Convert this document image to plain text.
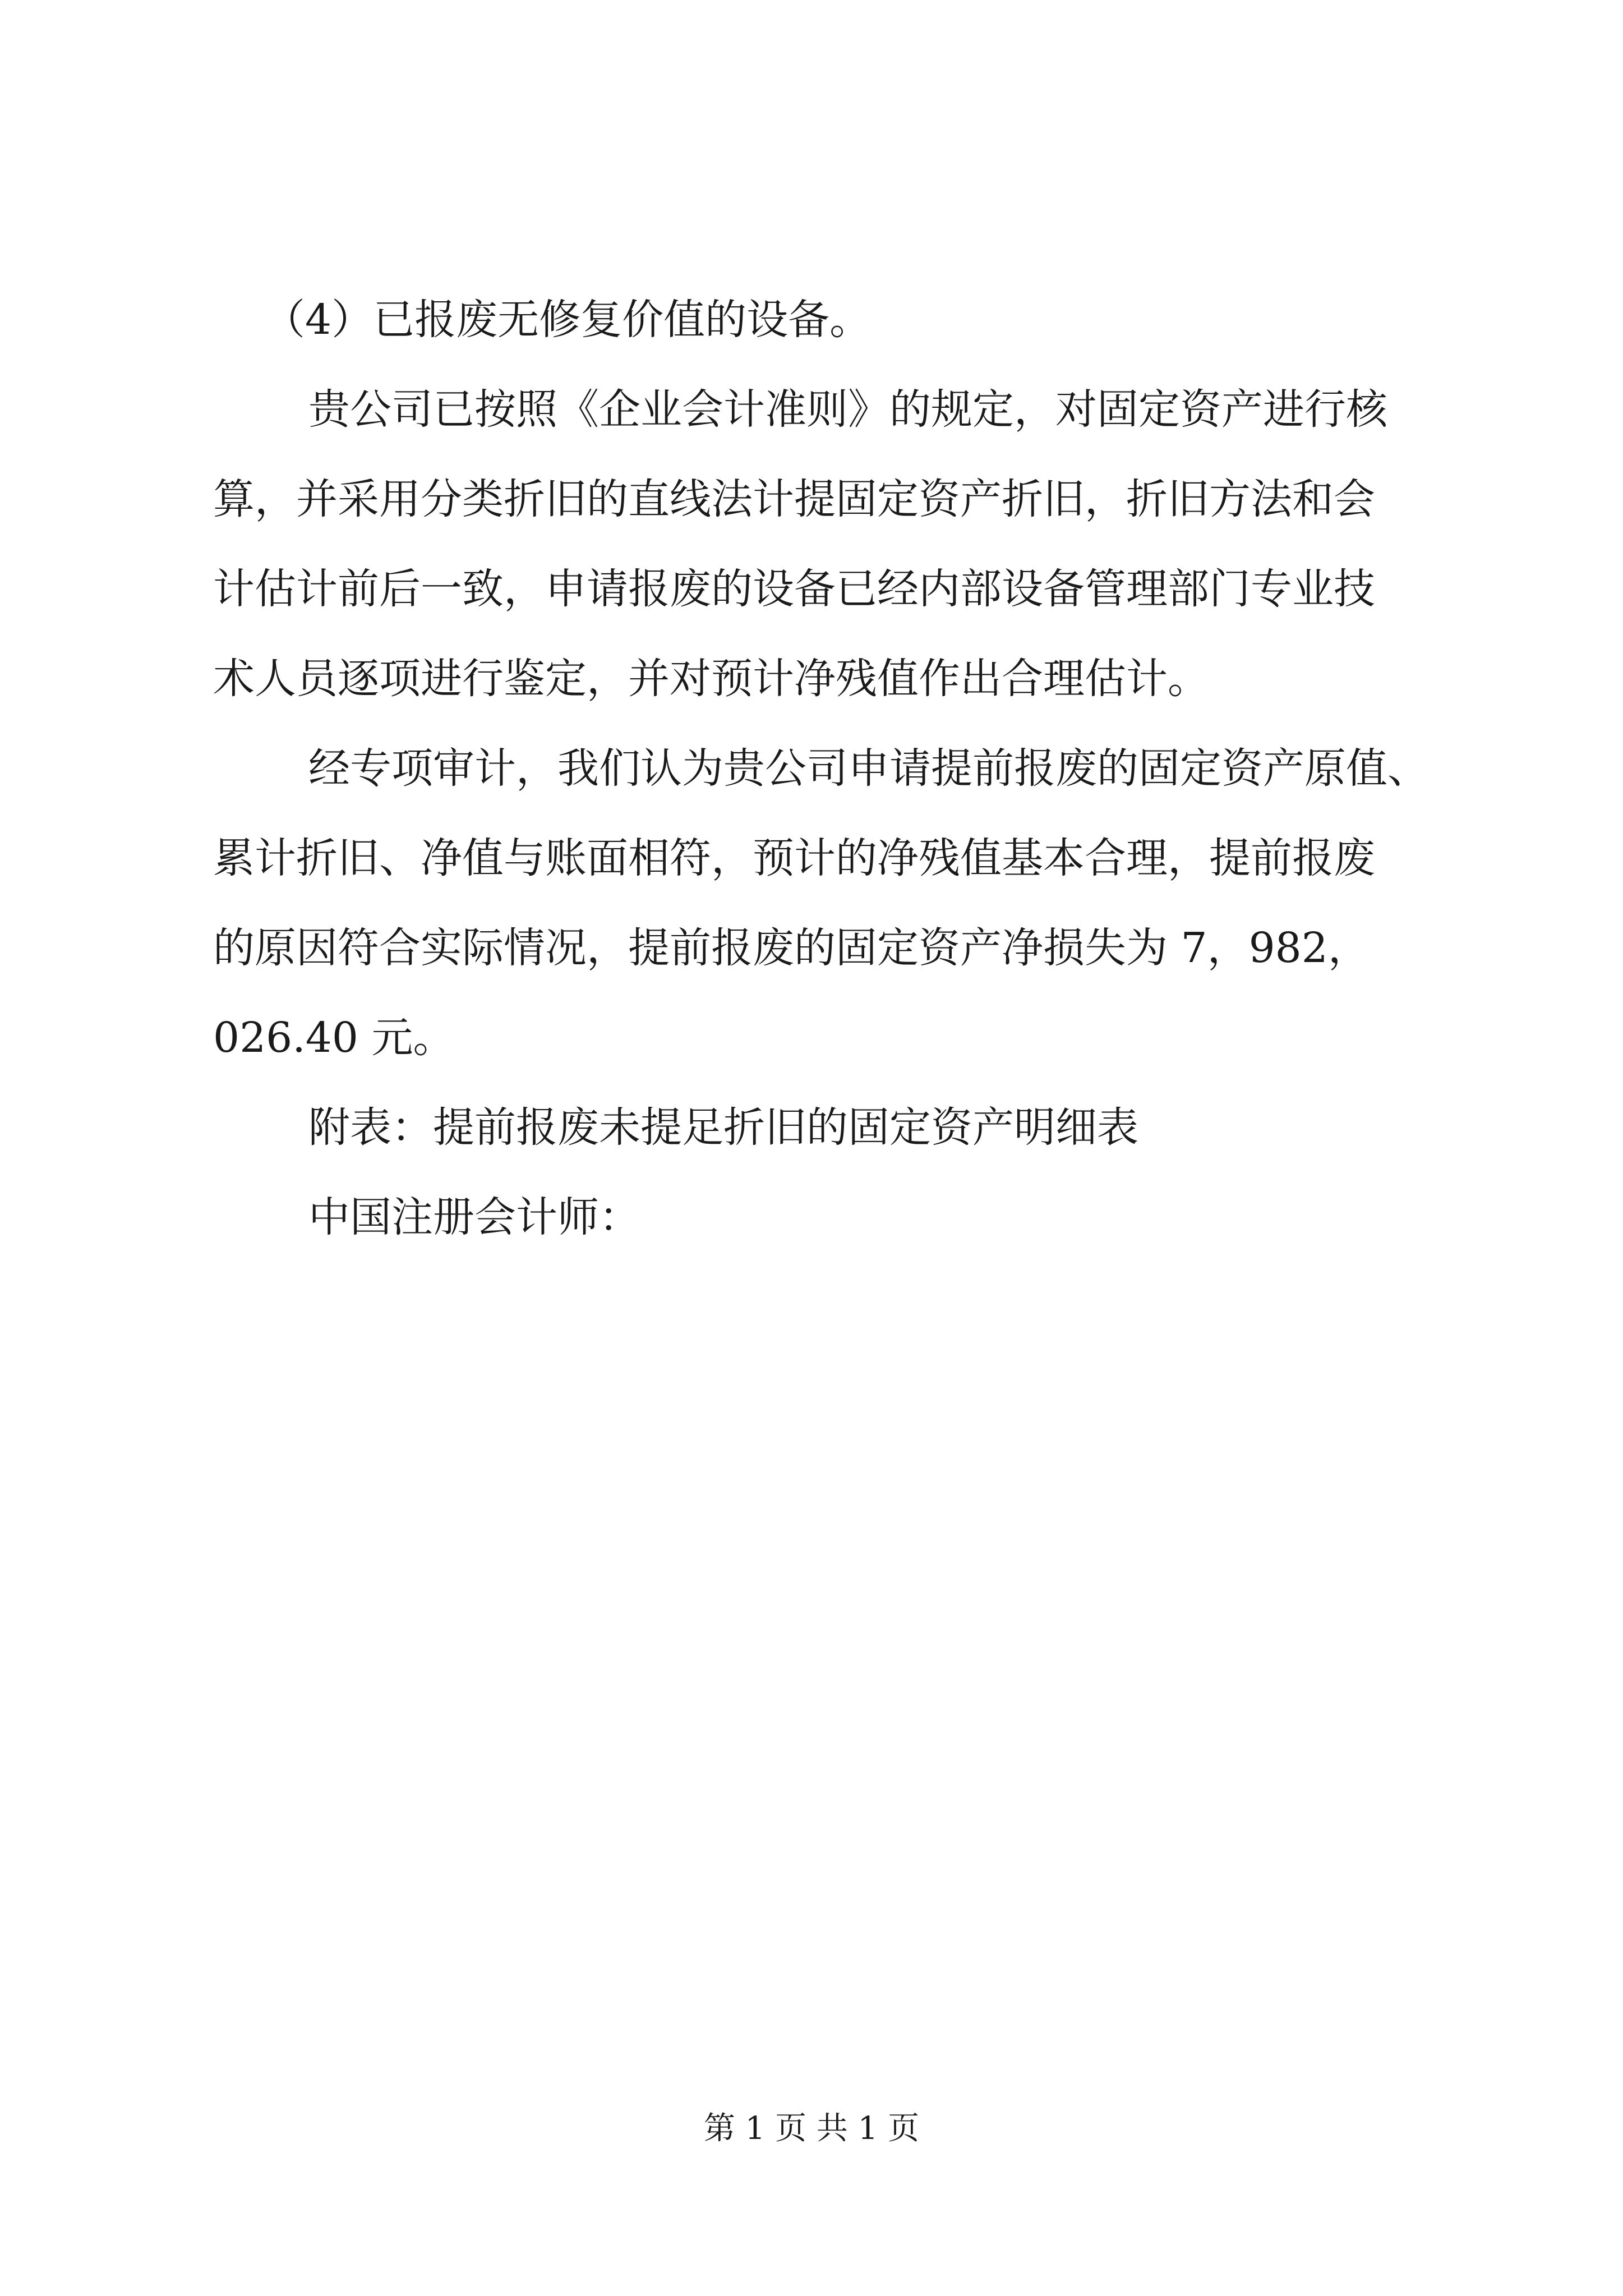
（4）已报废无修复价值的设备。
贵公司已按照《企业会计准则》的规定，对固定资产进行核
算，并采用分类折旧的直线法计提固定资产折旧，折旧方法和会
计估计前后一致，申请报废的设备已经内部设备管理部门专业技
术人员逐项进行鉴定，并对预计净残值作出合理估计。
经专项审计，我们认为贵公司申请提前报废的固定资产原值、
累计折旧、净值与账面相符，预计的净残值基本合理，提前报废
的原因符合实际情况，提前报废的固定资产净损失为 7，982，
026.40 元。
附表：提前报废未提足折旧的固定资产明细表
中国注册会计师：
第 1 页 共 1 页
